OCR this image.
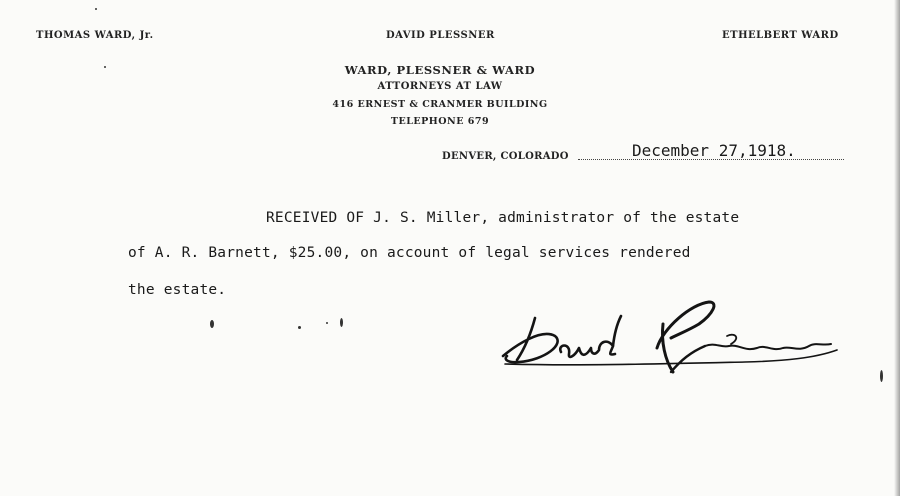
THOMAS WARD, Jr.	DAVID PLESSNER	ETHELBERT WARD
WARD, PLESSNER & WARD
ATTORNEYS AT LAW
416 ERNEST & CRANMER BUILDING
TELEPHONE 679
DENVER, COLORADO	December 27,1918.
RECEIVED OF J. S. Miller, administrator of the estate
of A. R. Barnett, $25.00, on account of legal services rendered
the estate.
